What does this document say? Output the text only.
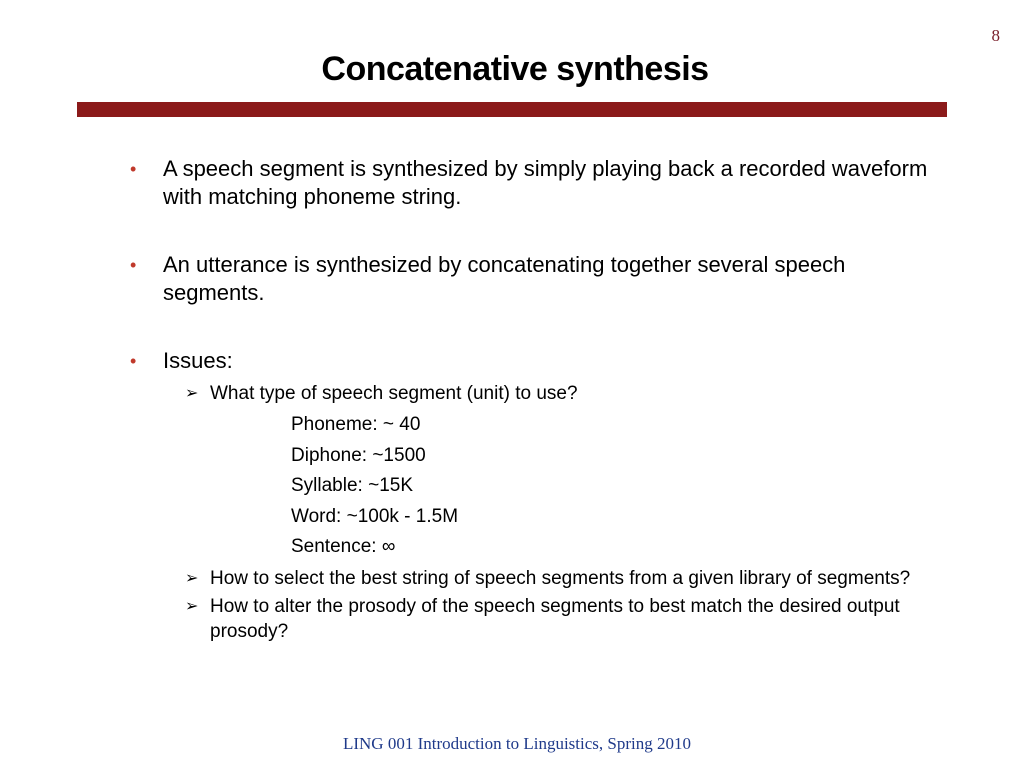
8
Concatenative synthesis
• A speech segment is synthesized by simply playing back a recorded waveform with matching phoneme string.
• An utterance is synthesized by concatenating together several speech segments.
• Issues:
➢ What type of speech segment (unit) to use?
Phoneme: ~ 40
Diphone: ~1500
Syllable: ~15K
Word: ~100k - 1.5M
Sentence: ∞
➢ How to select the best string of speech segments from a given library of segments?
➢ How to alter the prosody of the speech segments to best match the desired output prosody?
LING 001 Introduction to Linguistics, Spring 2010
